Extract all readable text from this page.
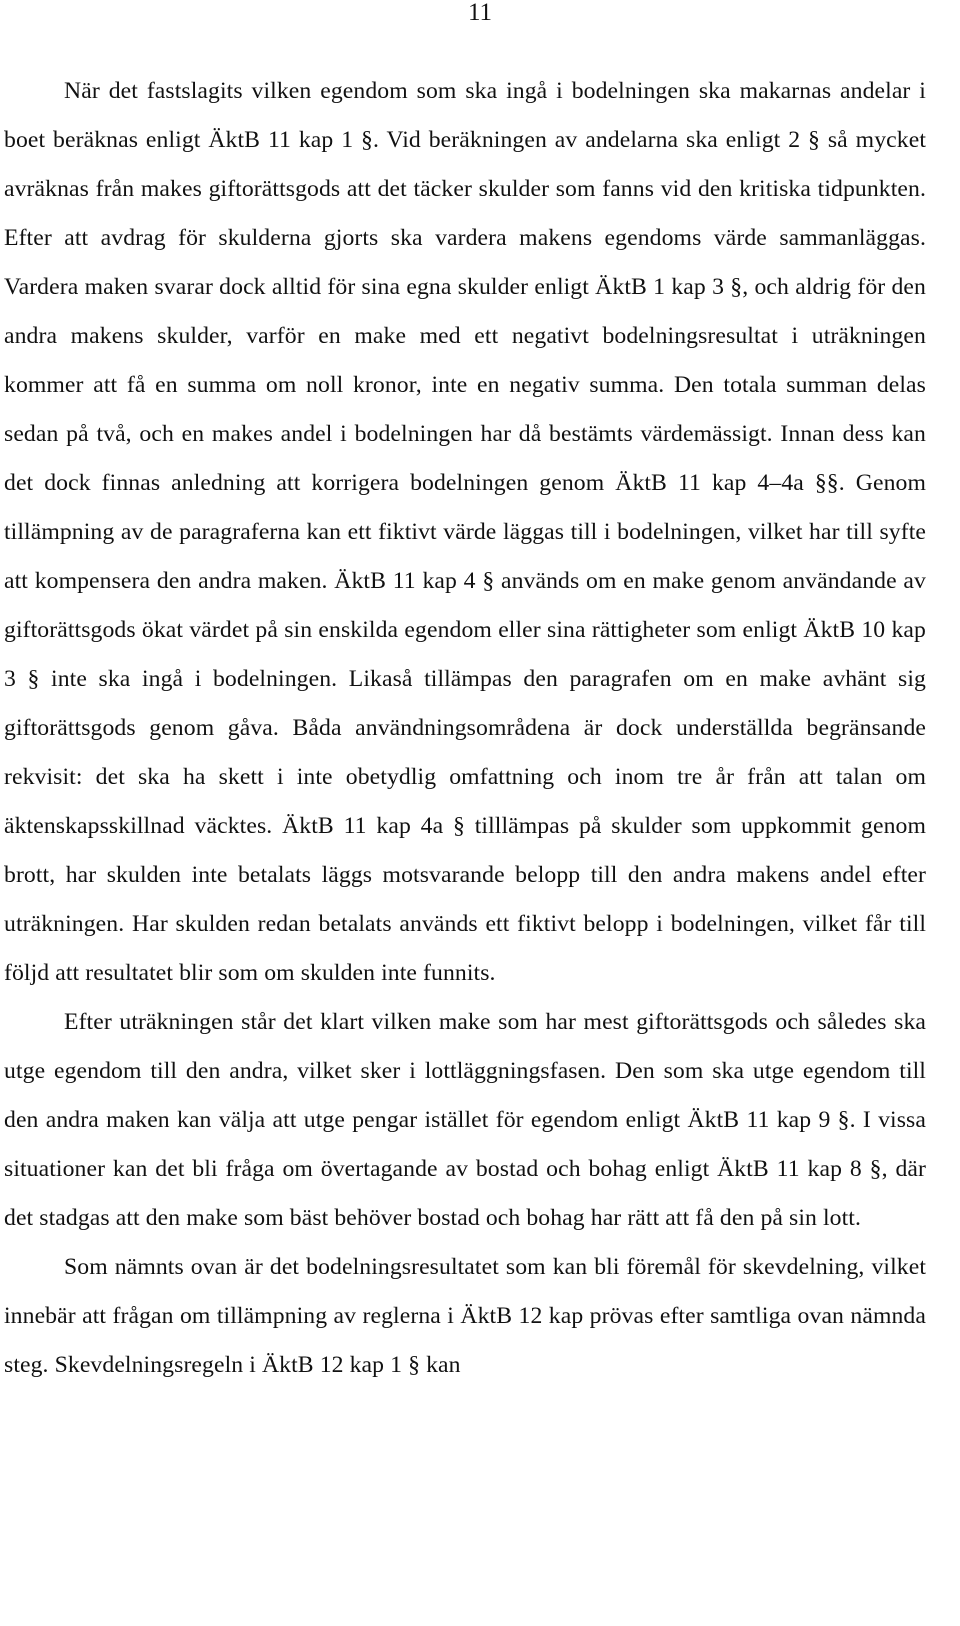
11

När det fastslagits vilken egendom som ska ingå i bodelningen ska makarnas andelar i boet beräknas enligt ÄktB 11 kap 1 §. Vid beräkningen av andelarna ska enligt 2 § så mycket avräknas från makes giftorättsgods att det täcker skulder som fanns vid den kritiska tidpunkten. Efter att avdrag för skulderna gjorts ska vardera makens egendoms värde sammanläggas. Vardera maken svarar dock alltid för sina egna skulder enligt ÄktB 1 kap 3 §, och aldrig för den andra makens skulder, varför en make med ett negativt bodelningsresultat i uträkningen kommer att få en summa om noll kronor, inte en negativ summa. Den totala summan delas sedan på två, och en makes andel i bodelningen har då bestämts värdemässigt. Innan dess kan det dock finnas anledning att korrigera bodelningen genom ÄktB 11 kap 4–4a §§. Genom tillämpning av de paragraferna kan ett fiktivt värde läggas till i bodelningen, vilket har till syfte att kompensera den andra maken. ÄktB 11 kap 4 § används om en make genom användande av giftorättsgods ökat värdet på sin enskilda egendom eller sina rättigheter som enligt ÄktB 10 kap 3 § inte ska ingå i bodelningen. Likaså tillämpas den paragrafen om en make avhänt sig giftorättsgods genom gåva. Båda användningsområdena är dock underställda begränsande rekvisit: det ska ha skett i inte obetydlig omfattning och inom tre år från att talan om äktenskapsskillnad väcktes. ÄktB 11 kap 4a § tilllämpas på skulder som uppkommit genom brott, har skulden inte betalats läggs motsvarande belopp till den andra makens andel efter uträkningen. Har skulden redan betalats används ett fiktivt belopp i bodelningen, vilket får till följd att resultatet blir som om skulden inte funnits.

Efter uträkningen står det klart vilken make som har mest giftorättsgods och således ska utge egendom till den andra, vilket sker i lottläggningsfasen. Den som ska utge egendom till den andra maken kan välja att utge pengar istället för egendom enligt ÄktB 11 kap 9 §. I vissa situationer kan det bli fråga om övertagande av bostad och bohag enligt ÄktB 11 kap 8 §, där det stadgas att den make som bäst behöver bostad och bohag har rätt att få den på sin lott.

Som nämnts ovan är det bodelningsresultatet som kan bli föremål för skevdelning, vilket innebär att frågan om tillämpning av reglerna i ÄktB 12 kap prövas efter samtliga ovan nämnda steg. Skevdelningsregeln i ÄktB 12 kap 1 § kan
